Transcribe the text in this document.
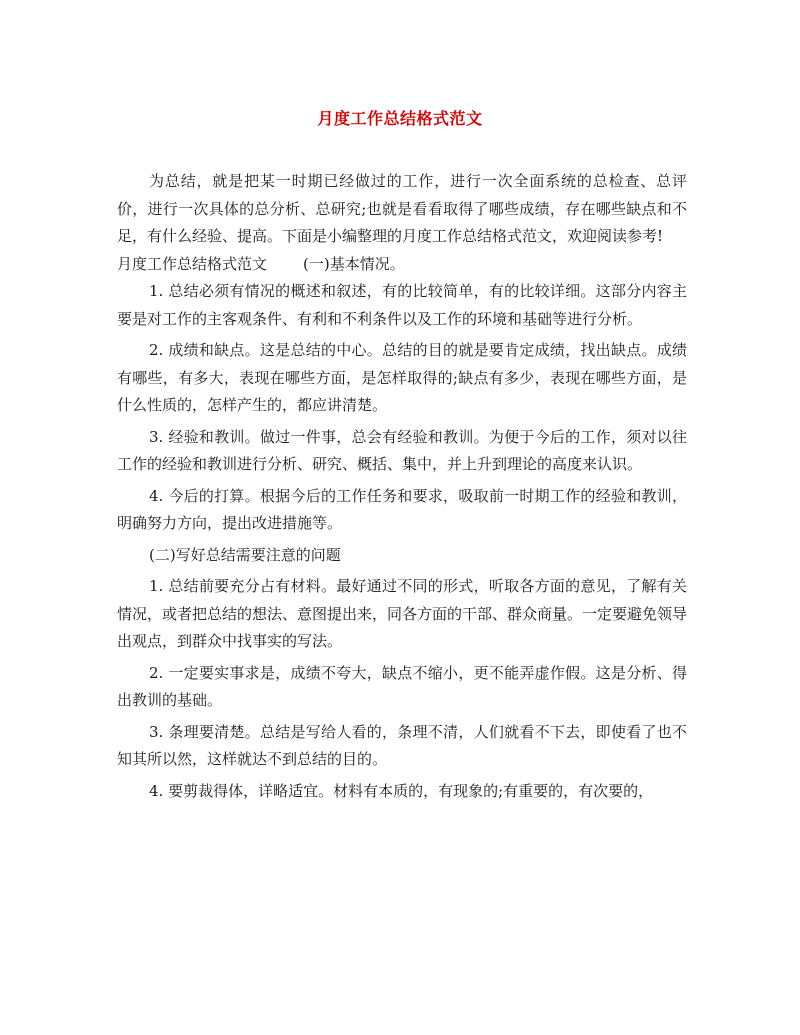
月度工作总结格式范文

为总结，就是把某一时期已经做过的工作，进行一次全面系统的总检查、总评价，进行一次具体的总分析、总研究;也就是看看取得了哪些成绩，存在哪些缺点和不足，有什么经验、提高。下面是小编整理的月度工作总结格式范文，欢迎阅读参考!

月度工作总结格式范文 (一)基本情况。

1. 总结必须有情况的概述和叙述，有的比较简单，有的比较详细。这部分内容主要是对工作的主客观条件、有利和不利条件以及工作的环境和基础等进行分析。

2. 成绩和缺点。这是总结的中心。总结的目的就是要肯定成绩，找出缺点。成绩有哪些，有多大，表现在哪些方面，是怎样取得的;缺点有多少，表现在哪些方面，是什么性质的，怎样产生的，都应讲清楚。

3. 经验和教训。做过一件事，总会有经验和教训。为便于今后的工作，须对以往工作的经验和教训进行分析、研究、概括、集中，并上升到理论的高度来认识。

4. 今后的打算。根据今后的工作任务和要求，吸取前一时期工作的经验和教训，明确努力方向，提出改进措施等。

(二)写好总结需要注意的问题

1. 总结前要充分占有材料。最好通过不同的形式，听取各方面的意见，了解有关情况，或者把总结的想法、意图提出来，同各方面的干部、群众商量。一定要避免领导出观点，到群众中找事实的写法。

2. 一定要实事求是，成绩不夸大，缺点不缩小，更不能弄虚作假。这是分析、得出教训的基础。

3. 条理要清楚。总结是写给人看的，条理不清，人们就看不下去，即使看了也不知其所以然，这样就达不到总结的目的。

4. 要剪裁得体，详略适宜。材料有本质的，有现象的;有重要的，有次要的，
